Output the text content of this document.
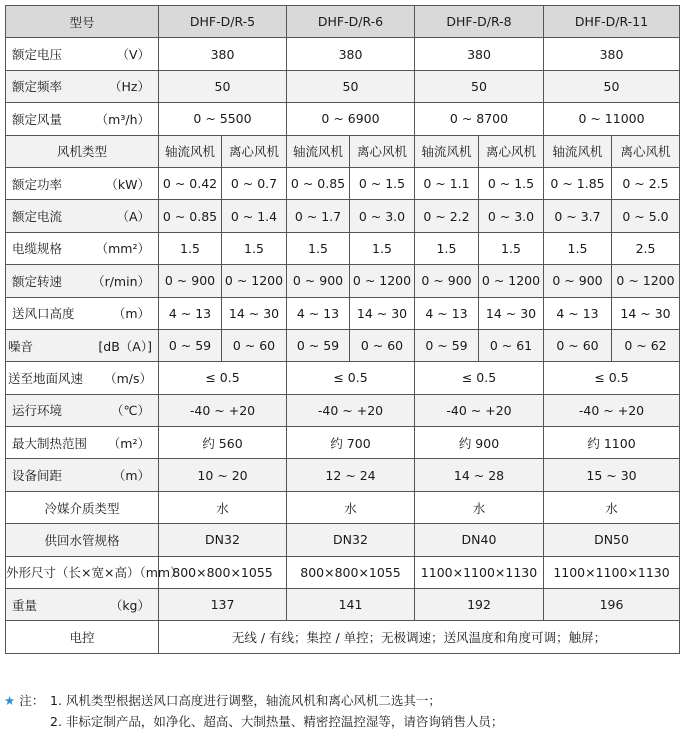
型号	DHF-D/R-5		DHF-D/R-6		DHF-D/R-8		DHF-D/R-11	

额定电压 （V）	380		380		380		380	

额定频率 （Hz）	50		50		50		50	

额定风量 （m³/h）	0 ~ 5500		0 ~ 6900		0 ~ 8700		0 ~ 11000	
风机类型	轴流风机	离心风机	轴流风机	离心风机	轴流风机	离心风机	轴流风机	离心风机

额定功率 （kW）	0 ~ 0.42	0 ~ 0.7	0 ~ 0.85	0 ~ 1.5	0 ~ 1.1	0 ~ 1.5	0 ~ 1.85	0 ~ 2.5

额定电流 （A）	0 ~ 0.85	0 ~ 1.4	0 ~ 1.7	0 ~ 3.0	0 ~ 2.2	0 ~ 3.0	0 ~ 3.7	0 ~ 5.0

电缆规格 （mm²）	1.5	1.5	1.5	1.5	1.5	1.5	1.5	2.5

额定转速 （r/min）	0 ~ 900	0 ~ 1200	0 ~ 900	0 ~ 1200	0 ~ 900	0 ~ 1200	0 ~ 900	0 ~ 1200

送风口高度 （m）	4 ~ 13	14 ~ 30	4 ~ 13	14 ~ 30	4 ~ 13	14 ~ 30	4 ~ 13	14 ~ 30

噪音 [dB（A）]	0 ~ 59	0 ~ 60	0 ~ 59	0 ~ 60	0 ~ 59	0 ~ 61	0 ~ 60	0 ~ 62

送至地面风速 （m/s）	≤ 0.5		≤ 0.5		≤ 0.5		≤ 0.5	

运行环境 （℃）	-40 ~ +20		-40 ~ +20		-40 ~ +20		-40 ~ +20	

最大制热范围 （m²）	约 560		约 700		约 900		约 1100	

设备间距 （m）	10 ~ 20		12 ~ 24		14 ~ 28		15 ~ 30	
冷媒介质类型	水		水		水		水	
供回水管规格	DN32		DN32		DN40		DN50	
外形尺寸（长×宽×高）（mm）	800×800×1055		800×800×1055		1100×1100×1130		1100×1100×1130	

重量 （kg）	137		141		192		196	
电控	无线 / 有线；集控 / 单控；无极调速；送风温度和角度可调；触屏；							
★ 注： 1. 风机类型根据送风口高度进行调整，轴流风机和离心风机二选其一；
2. 非标定制产品，如净化、超高、大制热量、精密控温控湿等，请咨询销售人员；
